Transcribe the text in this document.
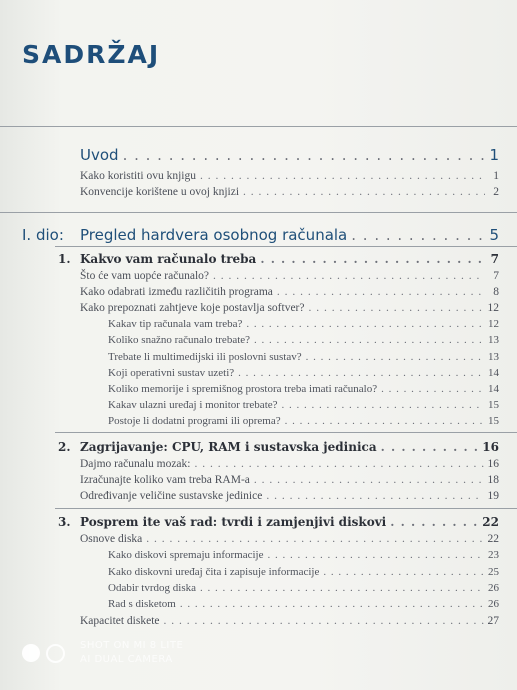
SADRŽAJ
Uvod . . .	1
Kako koristiti ovu knjigu . . .	1
Konvencije korištene u ovoj knjizi . . .	2
I. dio: Pregled hardvera osobnog računala . . .	5
1. Kakvo vam računalo treba . . .	7
Što će vam uopće računalo? . . .	7
Kako odabrati između različitih programa . . .	8
Kako prepoznati zahtjeve koje postavlja softver? . . .	12
Kakav tip računala vam treba? . . .	12
Koliko snažno računalo trebate? . . .	13
Trebate li multimedijski ili poslovni sustav? . . .	13
Koji operativni sustav uzeti? . . .	14
Koliko memorije i spremišnog prostora treba imati računalo? . . .	14
Kakav ulazni uređaj i monitor trebate? . . .	15
Postoje li dodatni programi ili oprema? . . .	15
2. Zagrijavanje: CPU, RAM i sustavska jedinica . . .	16
Dajmo računalu mozak: . . .	16
Izračunajte koliko vam treba RAM-a . . .	18
Određivanje veličine sustavske jedinice . . .	19
3. Posprem ite vaš rad: tvrdi i zamjenjivi diskovi . . .	22
Osnove diska . . .	22
Kako diskovi spremaju informacije . . .	23
Kako diskovni uređaj čita i zapisuje informacije . . .	25
Odabir tvrdog diska . . .	26
Rad s disketom . . .	26
Kapacitet diskete . . .	27
SHOT ON MI 8 LITE
AI DUAL CAMERA
